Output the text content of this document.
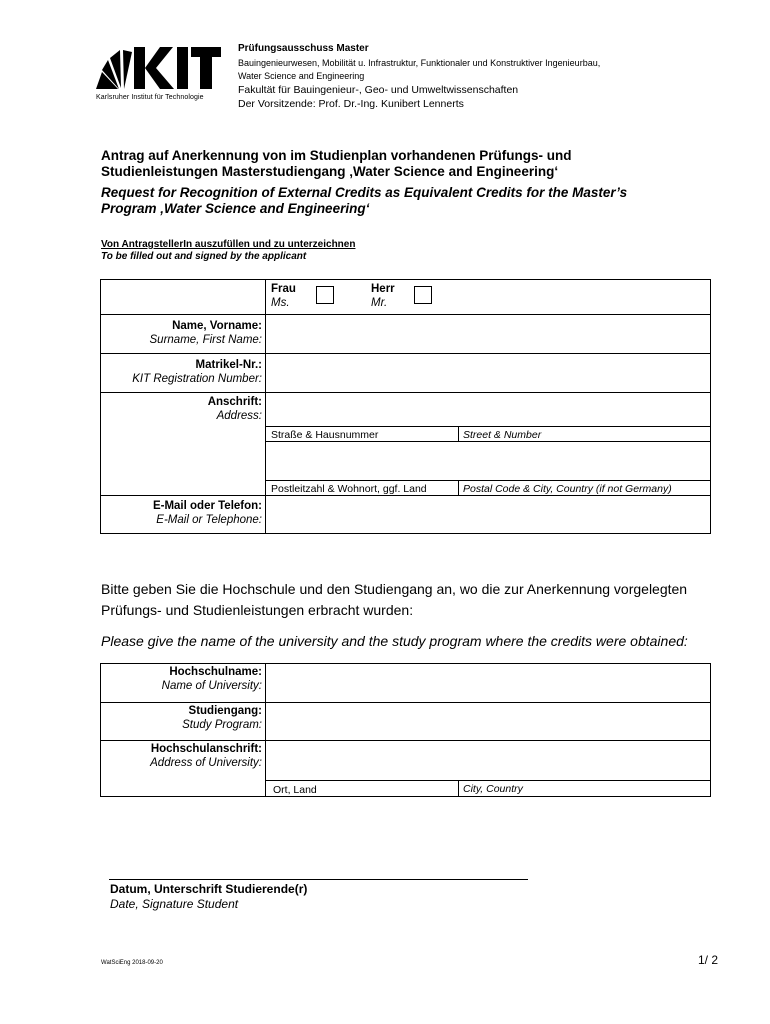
Karlsruher Institut für Technologie
Prüfungsausschuss Master
Bauingenieurwesen, Mobilität u. Infrastruktur, Funktionaler und Konstruktiver Ingenieurbau,
Water Science and Engineering
Fakultät für Bauingenieur-, Geo- und Umweltwissenschaften
Der Vorsitzende: Prof. Dr.-Ing. Kunibert Lennerts
Antrag auf Anerkennung von im Studienplan vorhandenen Prüfungs- und
Studienleistungen Masterstudiengang ‚Water Science and Engineering‘
Request for Recognition of External Credits as Equivalent Credits for the Master’s
Program ‚Water Science and Engineering‘
Von AntragstellerIn auszufüllen und zu unterzeichnen
To be filled out and signed by the applicant
Frau
Ms.
Herr
Mr.
Name, Vorname:
Surname, First Name:
Matrikel-Nr.:
KIT Registration Number:
Anschrift:
Address:
Straße & Hausnummer	Street & Number
Postleitzahl & Wohnort, ggf. Land	Postal Code & City, Country (if not Germany)
E-Mail oder Telefon:
E-Mail or Telephone:
Bitte geben Sie die Hochschule und den Studiengang an, wo die zur Anerkennung vorgelegten
Prüfungs- und Studienleistungen erbracht wurden:
Please give the name of the university and the study program where the credits were obtained:
Hochschulname:
Name of University:
Studiengang:
Study Program:
Hochschulanschrift:
Address of University:
Ort, Land	City, Country
Datum, Unterschrift Studierende(r)
Date, Signature Student
WatSciEng 2018-09-20	1/ 2
